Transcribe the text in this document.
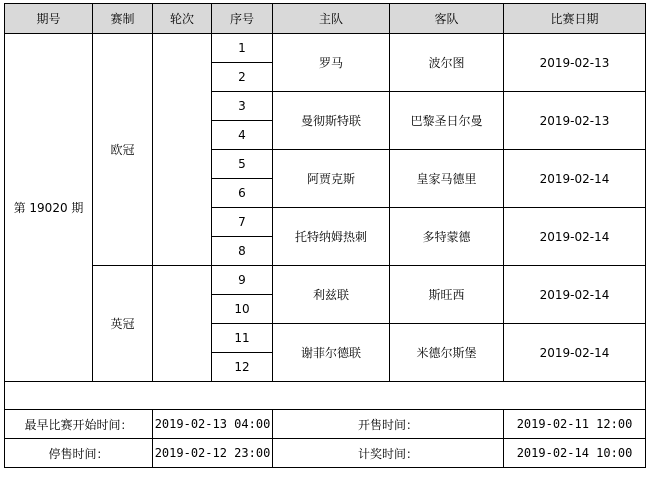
期号	赛制	轮次	序号	主队	客队	比赛日期
第 19020 期	欧冠		1	罗马	波尔图	2019-02-13
			2			
			3	曼彻斯特联	巴黎圣日尔曼	2019-02-13
			4			
			5	阿贾克斯	皇家马德里	2019-02-14
			6			
			7	托特纳姆热刺	多特蒙德	2019-02-14
			8			
	英冠		9	利兹联	斯旺西	2019-02-14
			10			
			11	谢菲尔德联	米德尔斯堡	2019-02-14
			12			

最早比赛开始时间：		2019-02-13 04:00		开售时间：		2019-02-11 12:00
停售时间：		2019-02-12 23:00		计奖时间：		2019-02-14 10:00
